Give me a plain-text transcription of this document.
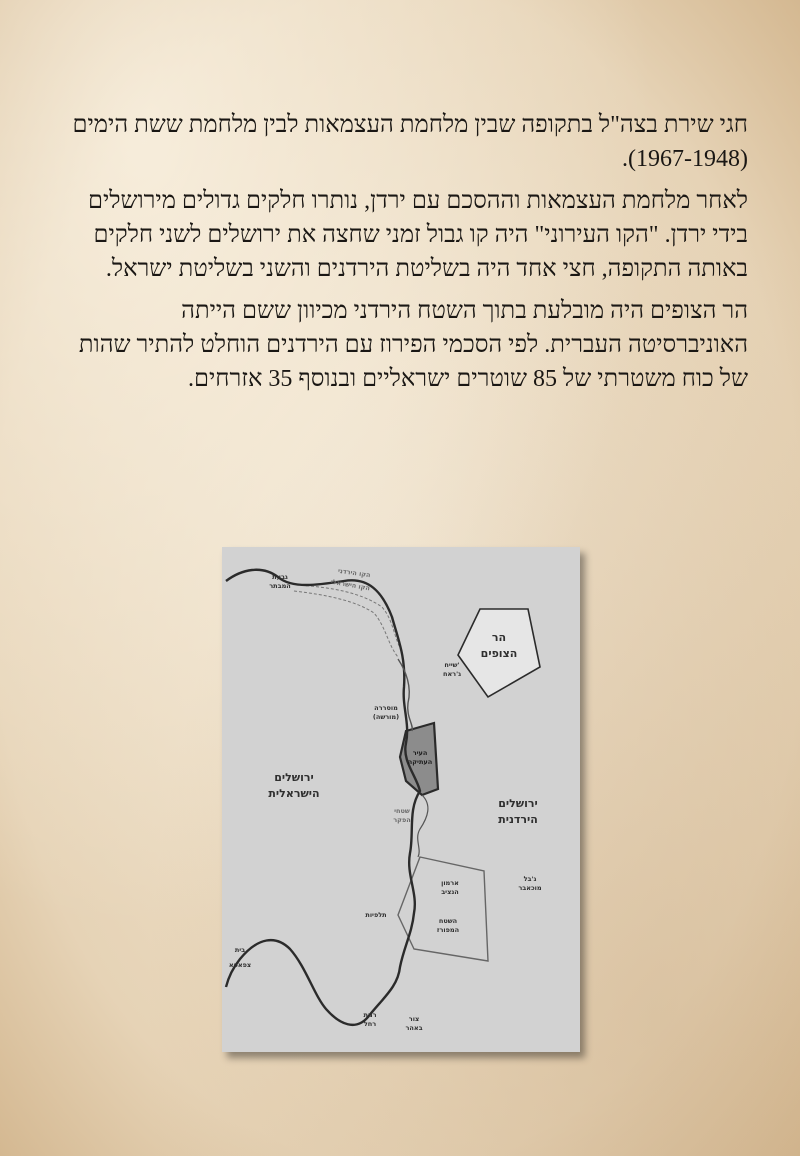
חגי שירת בצה"ל בתקופה שבין מלחמת העצמאות לבין מלחמת ששת הימים (1967-1948).

לאחר מלחמת העצמאות וההסכם עם ירדן, נותרו חלקים גדולים מירושלים בידי ירדן. "הקו העירוני" היה קו גבול זמני שחצה את ירושלים לשני חלקים באותה התקופה, חצי אחד היה בשליטת הירדנים והשני בשליטת ישראל.

הר הצופים היה מובלעת בתוך השטח הירדני מכיוון ששם הייתה האוניברסיטה העברית. לפי הסכמי הפירוז עם הירדנים הוחלט להתיר שהות של כוח משטרתי של 85 שוטרים ישראליים ובנוסף 35 אזרחים.

גבעת
המבתר
הקו הירדני
הקו הישראלי
הר
הצופים
שייח'
ג'ראח
מוסררה
(מורשה)
העיר
העתיקה
ירושלים
הישראלית
שטחי
הפקר
ירושלים
הירדנית
ארמון
הנציב
ג'בל
מוכאבר
תלפיות
השטח
המפורז
בית
צפאפא
רמת
רחל
צור
באהר
